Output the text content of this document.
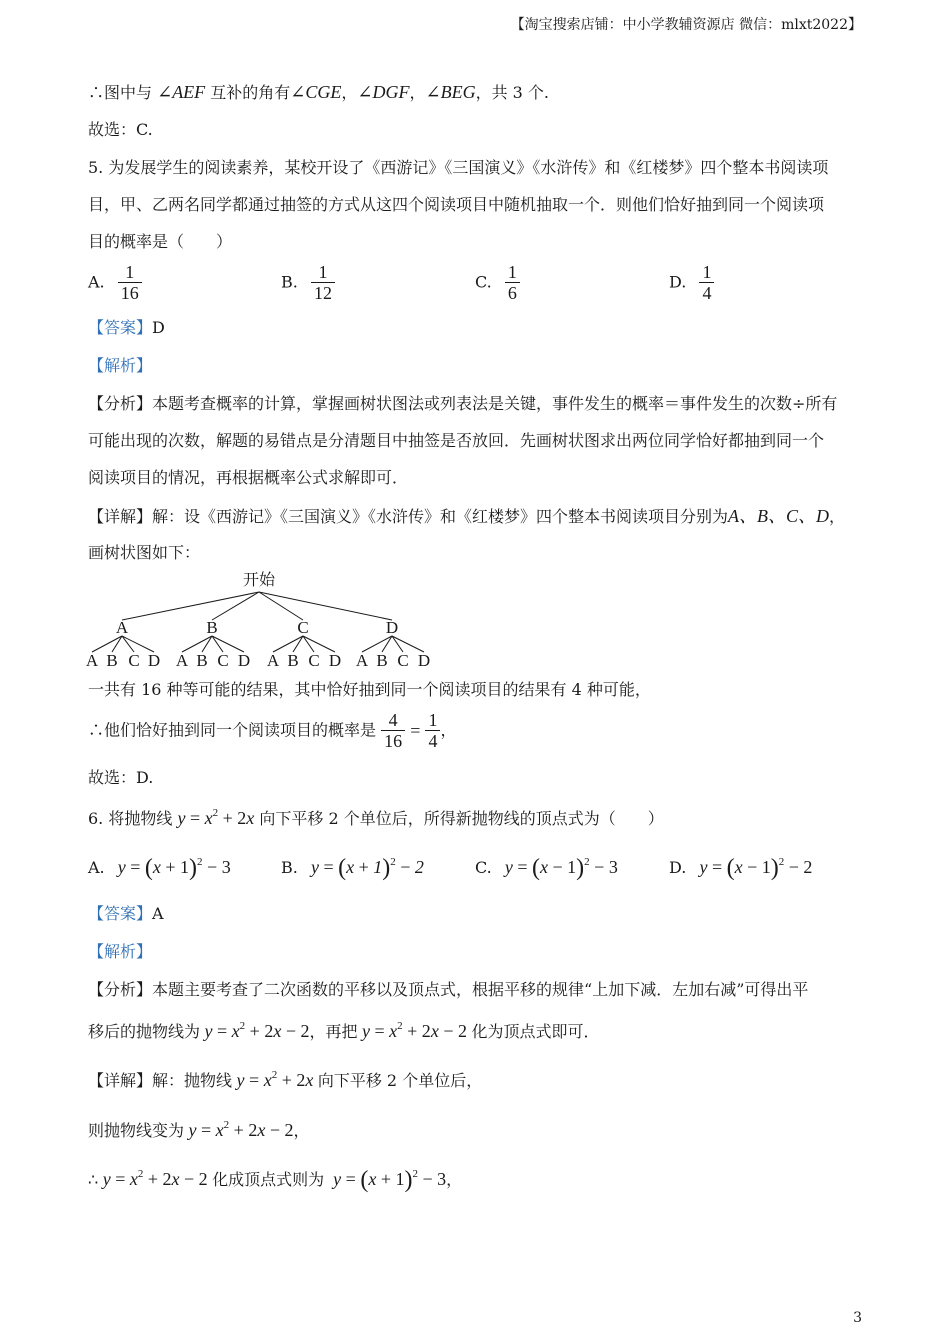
【淘宝搜索店铺：中小学教辅资源店 微信：mlxt2022】
∴图中与 ∠AEF 互补的角有∠CGE，∠DGF，∠BEG，共 3 个.
故选：C.
5. 为发展学生的阅读素养，某校开设了《西游记》《三国演义》《水浒传》和《红楼梦》四个整本书阅读项
目，甲、乙两名同学都通过抽签的方式从这四个阅读项目中随机抽取一个．则他们恰好抽到同一个阅读项
目的概率是（　　）
A. $\frac{1}{16}$	B. $\frac{1}{12}$	C. $\frac{1}{6}$	D. $\frac{1}{4}$
【答案】D
【解析】
【分析】本题考查概率的计算，掌握画树状图法或列表法是关键，事件发生的概率＝事件发生的次数÷所有
可能出现的次数，解题的易错点是分清题目中抽签是否放回．先画树状图求出两位同学恰好都抽到同一个
阅读项目的情况，再根据概率公式求解即可．
【详解】解：设《西游记》《三国演义》《水浒传》和《红楼梦》四个整本书阅读项目分别为A、B、C、D，
画树状图如下：
开始
A	B	C	D
A B C D A B C D A B C D A B C D
一共有 16 种等可能的结果，其中恰好抽到同一个阅读项目的结果有 4 种可能，
∴他们恰好抽到同一个阅读项目的概率是 $\frac{4}{16} = \frac{1}{4}$ ，
故选：D.
6. 将抛物线 $y = x^2 + 2x$ 向下平移 2 个单位后，所得新抛物线的顶点式为（　　）
A. $y = (x + 1)^2 - 3$	B. $y = (x + 1)^2 - 2$	C. $y = (x - 1)^2 - 3$	D. $y = (x - 1)^2 - 2$
【答案】A
【解析】
【分析】本题主要考查了二次函数的平移以及顶点式，根据平移的规律“上加下减．左加右减”可得出平
移后的抛物线为 $y = x^2 + 2x - 2$，再把 $y = x^2 + 2x - 2$ 化为顶点式即可．
【详解】解：抛物线 $y = x^2 + 2x$ 向下平移 2 个单位后，
则抛物线变为 $y = x^2 + 2x - 2$，
∴ $y = x^2 + 2x - 2$ 化成顶点式则为  $y = (x + 1)^2 - 3$，
3
